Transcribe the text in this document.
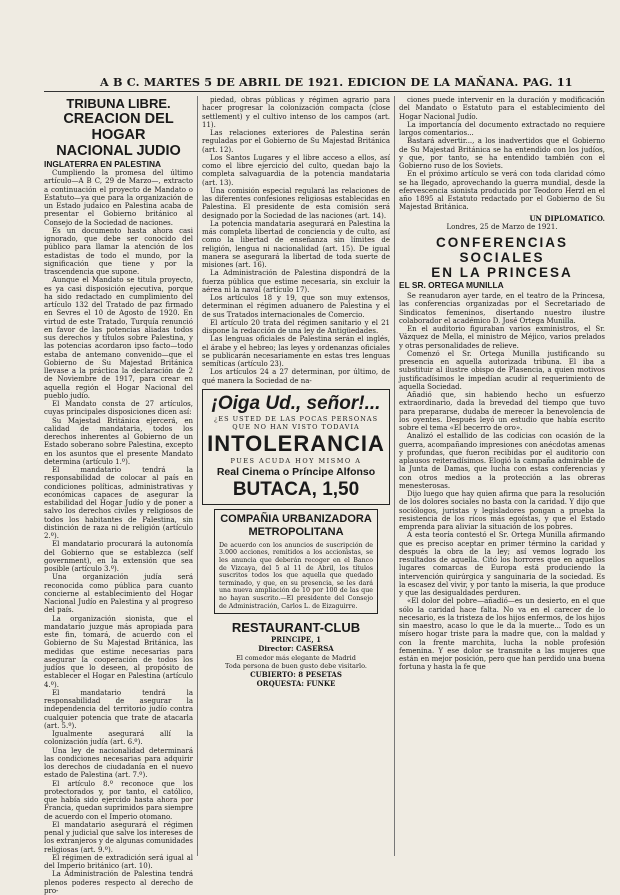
A B C. MARTES 5 DE ABRIL DE 1921. EDICION DE LA MAÑANA. PAG. 11
TRIBUNA LIBRE.
CREACION DEL HOGAR
NACIONAL JUDIO
INGLATERRA EN PALESTINA

Cumpliendo la promesa del último artículo—A B C, 29 de Marzo—, extracto a continuación el proyecto de Mandato o Estatuto—ya que para la organización de un Estado judaico en Palestina acaba de presentar el Gobierno británico al Consejo de la Sociedad de naciones.

Es un documento hasta ahora casi ignorado, que debe ser conocido del público para llamar la atención de los estadistas de todo el mundo, por la significación que tiene y por la trascendencia que supone.

Aunque el Mandato se titula proyecto, es ya casi disposición ejecutiva, porque ha sido redactado en cumplimiento del artículo 132 del Tratado de paz firmado en Sevres el 10 de Agosto de 1920. En virtud de este Tratado, Turquía renunció en favor de las potencias aliadas todos sus derechos y títulos sobre Palestina, y las potencias acordaron ipso facto—todo estaba de antemano convenido—que el Gobierno de Su Majestad Británica llevase a la práctica la declaración de 2 de Noviembre de 1917, para crear en aquella región el Hogar Nacional del pueblo judío.

El Mandato consta de 27 artículos, cuyas principales disposiciones dicen así:

Su Majestad Británica ejercerá, en calidad de mandataria, todos los derechos inherentes al Gobierno de un Estado soberano sobre Palestina, excepto en los asuntos que el presente Mandato determina (artículo 1.º).

El mandatario tendrá la responsabilidad de colocar al país en condiciones políticas, administrativas y económicas capaces de asegurar la estabilidad del Hogar Judío y de poner a salvo los derechos civiles y religiosos de todos los habitantes de Palestina, sin distinción de raza ni de religión (artículo 2.º).

El mandatario procurará la autonomía del Gobierno que se establezca (self government), en la extensión que sea posible (artículo 3.º).

Una organización judía será reconocida como pública para cuanto concierne al establecimiento del Hogar Nacional Judío en Palestina y al progreso del país.

La organización sionista, que el mandatario juzgue más apropiada para este fin, tomará, de acuerdo con el Gobierno de Su Majestad Británica, las medidas que estime necesarias para asegurar la cooperación de todos los judíos que lo deseen, al propósito de establecer el Hogar en Palestina (artículo 4.º).

El mandatario tendrá la responsabilidad de asegurar la independencia del territorio judío contra cualquier potencia que trate de atacarla (art. 5.º).

Igualmente asegurará allí la colonización judía (art. 6.º).

Una ley de nacionalidad determinará las condiciones necesarias para adquirir los derechos de ciudadanía en el nuevo estado de Palestina (art. 7.º).

El artículo 8.º reconoce que los protectorados y, por tanto, el católico, que había sido ejercido hasta ahora por Francia, quedan suprimidos para siempre de acuerdo con el Imperio otomano.

El mandatario asegurará el régimen penal y judicial que salve los intereses de los extranjeros y de algunas comunidades religiosas (art. 9.º).

El régimen de extradición será igual al del Imperio británico (art. 10).

La Administración de Palestina tendrá plenos poderes respecto al derecho de pro-

piedad, obras públicas y régimen agrario para hacer progresar la colonización compacta (close settlement) y el cultivo intenso de los campos (art. 11).

Las relaciones exteriores de Palestina serán reguladas por el Gobierno de Su Majestad Británica (art. 12).

Los Santos Lugares y el libre acceso a ellos, así como el libre ejercicio del culto, quedan bajo la completa salvaguardia de la potencia mandataria (art. 13).

Una comisión especial regulará las relaciones de las diferentes confesiones religiosas establecidas en Palestina. El presidente de esta comisión será designado por la Sociedad de las naciones (art. 14).

La potencia mandataria asegurará en Palestina la más completa libertad de conciencia y de culto, así como la libertad de enseñanza sin límites de religión, lengua ni nacionalidad (art. 15). De igual manera se asegurará la libertad de toda suerte de misiones (art. 16).

La Administración de Palestina dispondrá de la fuerza pública que estime necesaria, sin excluir la aérea ni la naval (artículo 17).

Los artículos 18 y 19, que son muy extensos, determinan el régimen aduanero de Palestina y el de sus Tratados internacionales de Comercio.

El artículo 20 trata del régimen sanitario y el 21 dispone la redacción de una ley de Antigüedades.

Las lenguas oficiales de Palestina serán el inglés, el árabe y el hebreo; las leyes y ordenanzas oficiales se publicarán necesariamente en estas tres lenguas semíticas (artículo 23).

Los artículos 24 a 27 determinan, por último, de qué manera la Sociedad de na-

¡Oiga Ud., señor!...
¿ES USTED DE LAS POCAS PERSONAS
QUE NO HAN VISTO TODAVIA
INTOLERANCIA
PUES ACUDA HOY MISMO A
Real Cinema o Príncipe Alfonso
BUTACA, 1,50
COMPAÑIA URBANIZADORA
METROPOLITANA
De acuerdo con los anuncios de suscripción de 3.000 acciones, remitidos a los accionistas, se les anuncia que deberán recoger en el Banco de Vizcaya, del 5 al 11 de Abril, los títulos suscritos todos los que aquella que quedado terminado, y que, en su presencia, se les dará una nueva ampliación de 10 por 100 de las que no hayan suscrito.—El presidente del Consejo de Administración, Carlos L. de Eizaguirre.
RESTAURANT-CLUB
PRINCIPE, 1
Director: CASERSA
El comedor más elegante de Madrid
Toda persona de buen gusto debe visitarlo.
CUBIERTO: 8 PESETAS
ORQUESTA: FUNKE

ciones puede intervenir en la duración y modificación del Mandato o Estatuto para el establecimiento del Hogar Nacional Judío.

La importancia del documento extractado no requiere largos comentarios...

Bastará advertir..., a los inadvertidos que el Gobierno de Su Majestad Británica se ha entendido con los judíos, y que, por tanto, se ha entendido también con el Gobierno ruso de los Soviets.

En el próximo artículo se verá con toda claridad cómo se ha llegado, aprovechando la guerra mundial, desde la efervescencia sionista producida por Teodoro Herzl en el año 1895 al Estatuto redactado por el Gobierno de Su Majestad Británica.

UN DIPLOMATICO.
Londres, 25 de Marzo de 1921.
CONFERENCIAS
SOCIALES
EN LA PRINCESA
EL SR. ORTEGA MUNILLA

Se reanudaron ayer tarde, en el teatro de la Princesa, las conferencias organizadas por el Secretariado de Sindicatos femeninos, disertando nuestro ilustre colaborador el académico D. José Ortega Munilla.

En el auditorio figuraban varios exministros, el Sr. Vázquez de Mella, el ministro de Méjico, varios prelados y otras personalidades de relieve.

Comenzó el Sr. Ortega Munilla justificando su presencia en aquella autorizada tribuna. El iba a substituir al ilustre obispo de Plasencia, a quien motivos justificadísimos le impedían acudir al requerimiento de aquella Sociedad.

Añadió que, sin habiendo hecho un esfuerzo extraordinario, dada la brevedad del tiempo que tuvo para prepararse, dudaba de merecer la benevolencia de los oyentes. Después leyó un estudio que había escrito sobre el tema «El becerro de oro».

Analizó el estallido de las codicias con ocasión de la guerra, acompañando impresiones con anécdotas amenas y profundas, que fueron recibidas por el auditorio con aplausos reiteradísimos. Elogió la campaña admirable de la Junta de Damas, que lucha con estas conferencias y con otros medios a la protección a las obreras menesterosas.

Dijo luego que hay quien afirma que para la resolución de los dolores sociales no basta con la caridad. Y dijo que sociólogos, juristas y legisladores pongan a prueba la resistencia de los ricos más egoístas, y que el Estado emprenda para aliviar la situación de los pobres.

A esta teoría contestó el Sr. Ortega Munilla afirmando que es preciso aceptar en primer término la caridad y después la obra de la ley; así vemos logrado los resultados de aquella. Citó los horrores que en aquellos lugares comarcas de Europa está produciendo la intervención quirúrgica y sanguinaria de la sociedad. Es la escasez del vivir, y por tanto la miseria, la que produce y que las desigualdades perduren.

«El dolor del pobre—añadió—es un desierto, en el que sólo la caridad hace falta. No va en el carecer de lo necesario, es la tristeza de los hijos enfermos, de los hijos sin maestro, acaso lo que le da la muerte... Todo es un mísero hogar triste para la madre que, con la maldad y con la frente marchita, lucha la noble profesión femenina. Y ese dolor se transmite a las mujeres que están en mejor posición, pero que han perdido una buena fortuna y hasta la fe que
